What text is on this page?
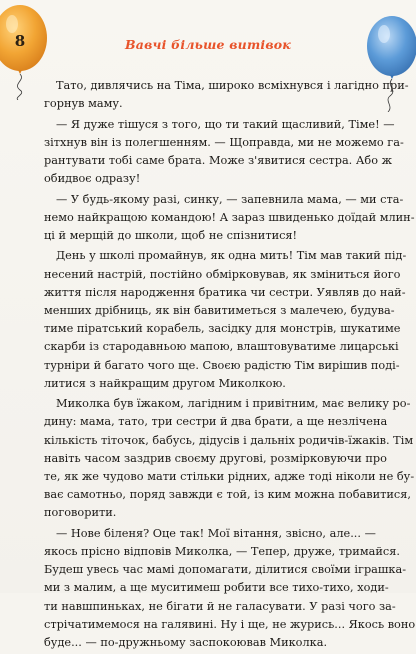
8	Вавчі більше витівок

Тато, дивлячись на Тіма, широко всміхнувся і лагідно при-
горнув маму.

— Я дуже тішуся з того, що ти такий щасливий, Тіме! —
зітхнув він із полегшенням. — Щоправда, ми не можемо га-
рантувати тобі саме брата. Може з'явитися сестра. Або ж
обидвоє одразу!

— У будь-якому разі, синку, — запевнила мама, — ми ста-
немо найкращою командою! А зараз швиденько доїдай млин-
ці й мерщій до школи, щоб не спізнитися!

День у школі промайнув, як одна мить! Тім мав такий під-
несений настрій, постійно обмірковував, як зміниться його
життя після народження братика чи сестри. Уявляв до най-
менших дрібниць, як він бавитиметься з малечею, будува-
тиме піратський корабель, засідку для монстрів, шукатиме
скарби із стародавньою мапою, влаштовуватиме лицарські
турніри й багато чого ще. Своєю радістю Тім вирішив поді-
литися з найкращим другом Миколкою.

Миколка був їжаком, лагідним і привітним, має велику ро-
дину: мама, тато, три сестри й два брати, а ще незлічена
кількість тіточок, бабусь, дідусів і дальніх родичів-їжаків. Тім
навіть часом заздрив своєму другові, розмірковуючи про
те, як же чудово мати стільки рідних, адже тоді ніколи не бу-
ває самотньо, поряд завжди є той, із ким можна побавитися,
поговорити.

— Нове біленя? Оце так! Мої вітання, звісно, але... —
якось прісно відповів Миколка, — Тепер, друже, тримайся.
Будеш увесь час мамі допомагати, ділитися своїми іграшка-
ми з малим, а ще муситимеш робити все тихо-тихо, ходи-
ти навшпиньках, не бігати й не галасувати. У разі чого за-
стрічатимемося на галявині. Ну і ще, не журись... Якось воно
буде... — по-дружньому заспокоював Миколка.
